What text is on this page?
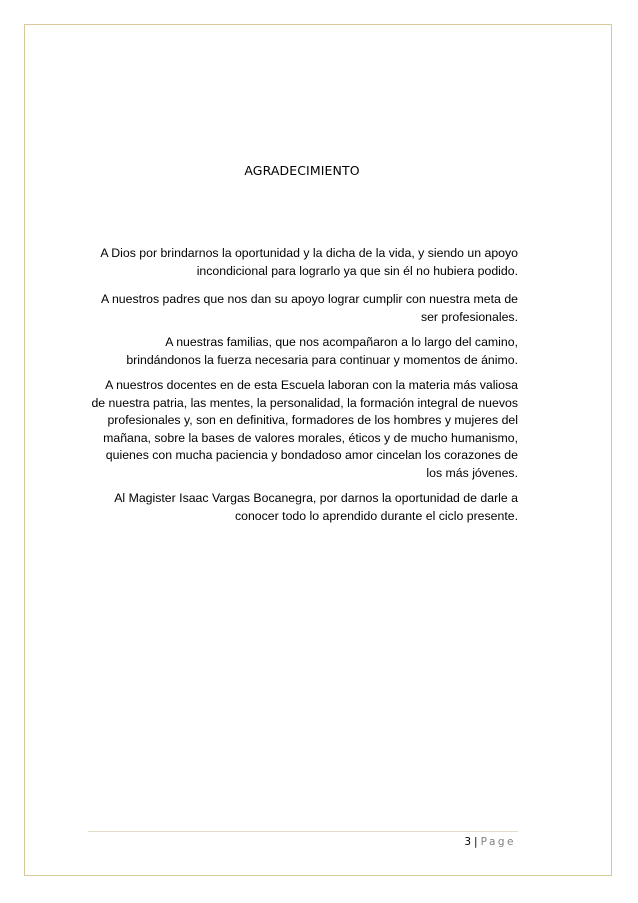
AGRADECIMIENTO

A Dios por brindarnos la oportunidad y la dicha de la vida, y siendo un apoyo incondicional para lograrlo ya que sin él no hubiera podido.

A nuestros padres que nos dan su apoyo lograr cumplir con nuestra meta de ser profesionales.

A nuestras familias, que nos acompañaron a lo largo del camino, brindándonos la fuerza necesaria para continuar y momentos de ánimo.

A nuestros docentes en de esta Escuela laboran con la materia más valiosa de nuestra patria, las mentes, la personalidad, la formación integral de nuevos profesionales y, son en definitiva, formadores de los hombres y mujeres del mañana, sobre la bases de valores morales, éticos y de mucho humanismo, quienes con mucha paciencia y bondadoso amor cincelan los corazones de los más jóvenes.

Al Magister Isaac Vargas Bocanegra, por darnos la oportunidad de darle a conocer todo lo aprendido durante el ciclo presente.

3 | Page
